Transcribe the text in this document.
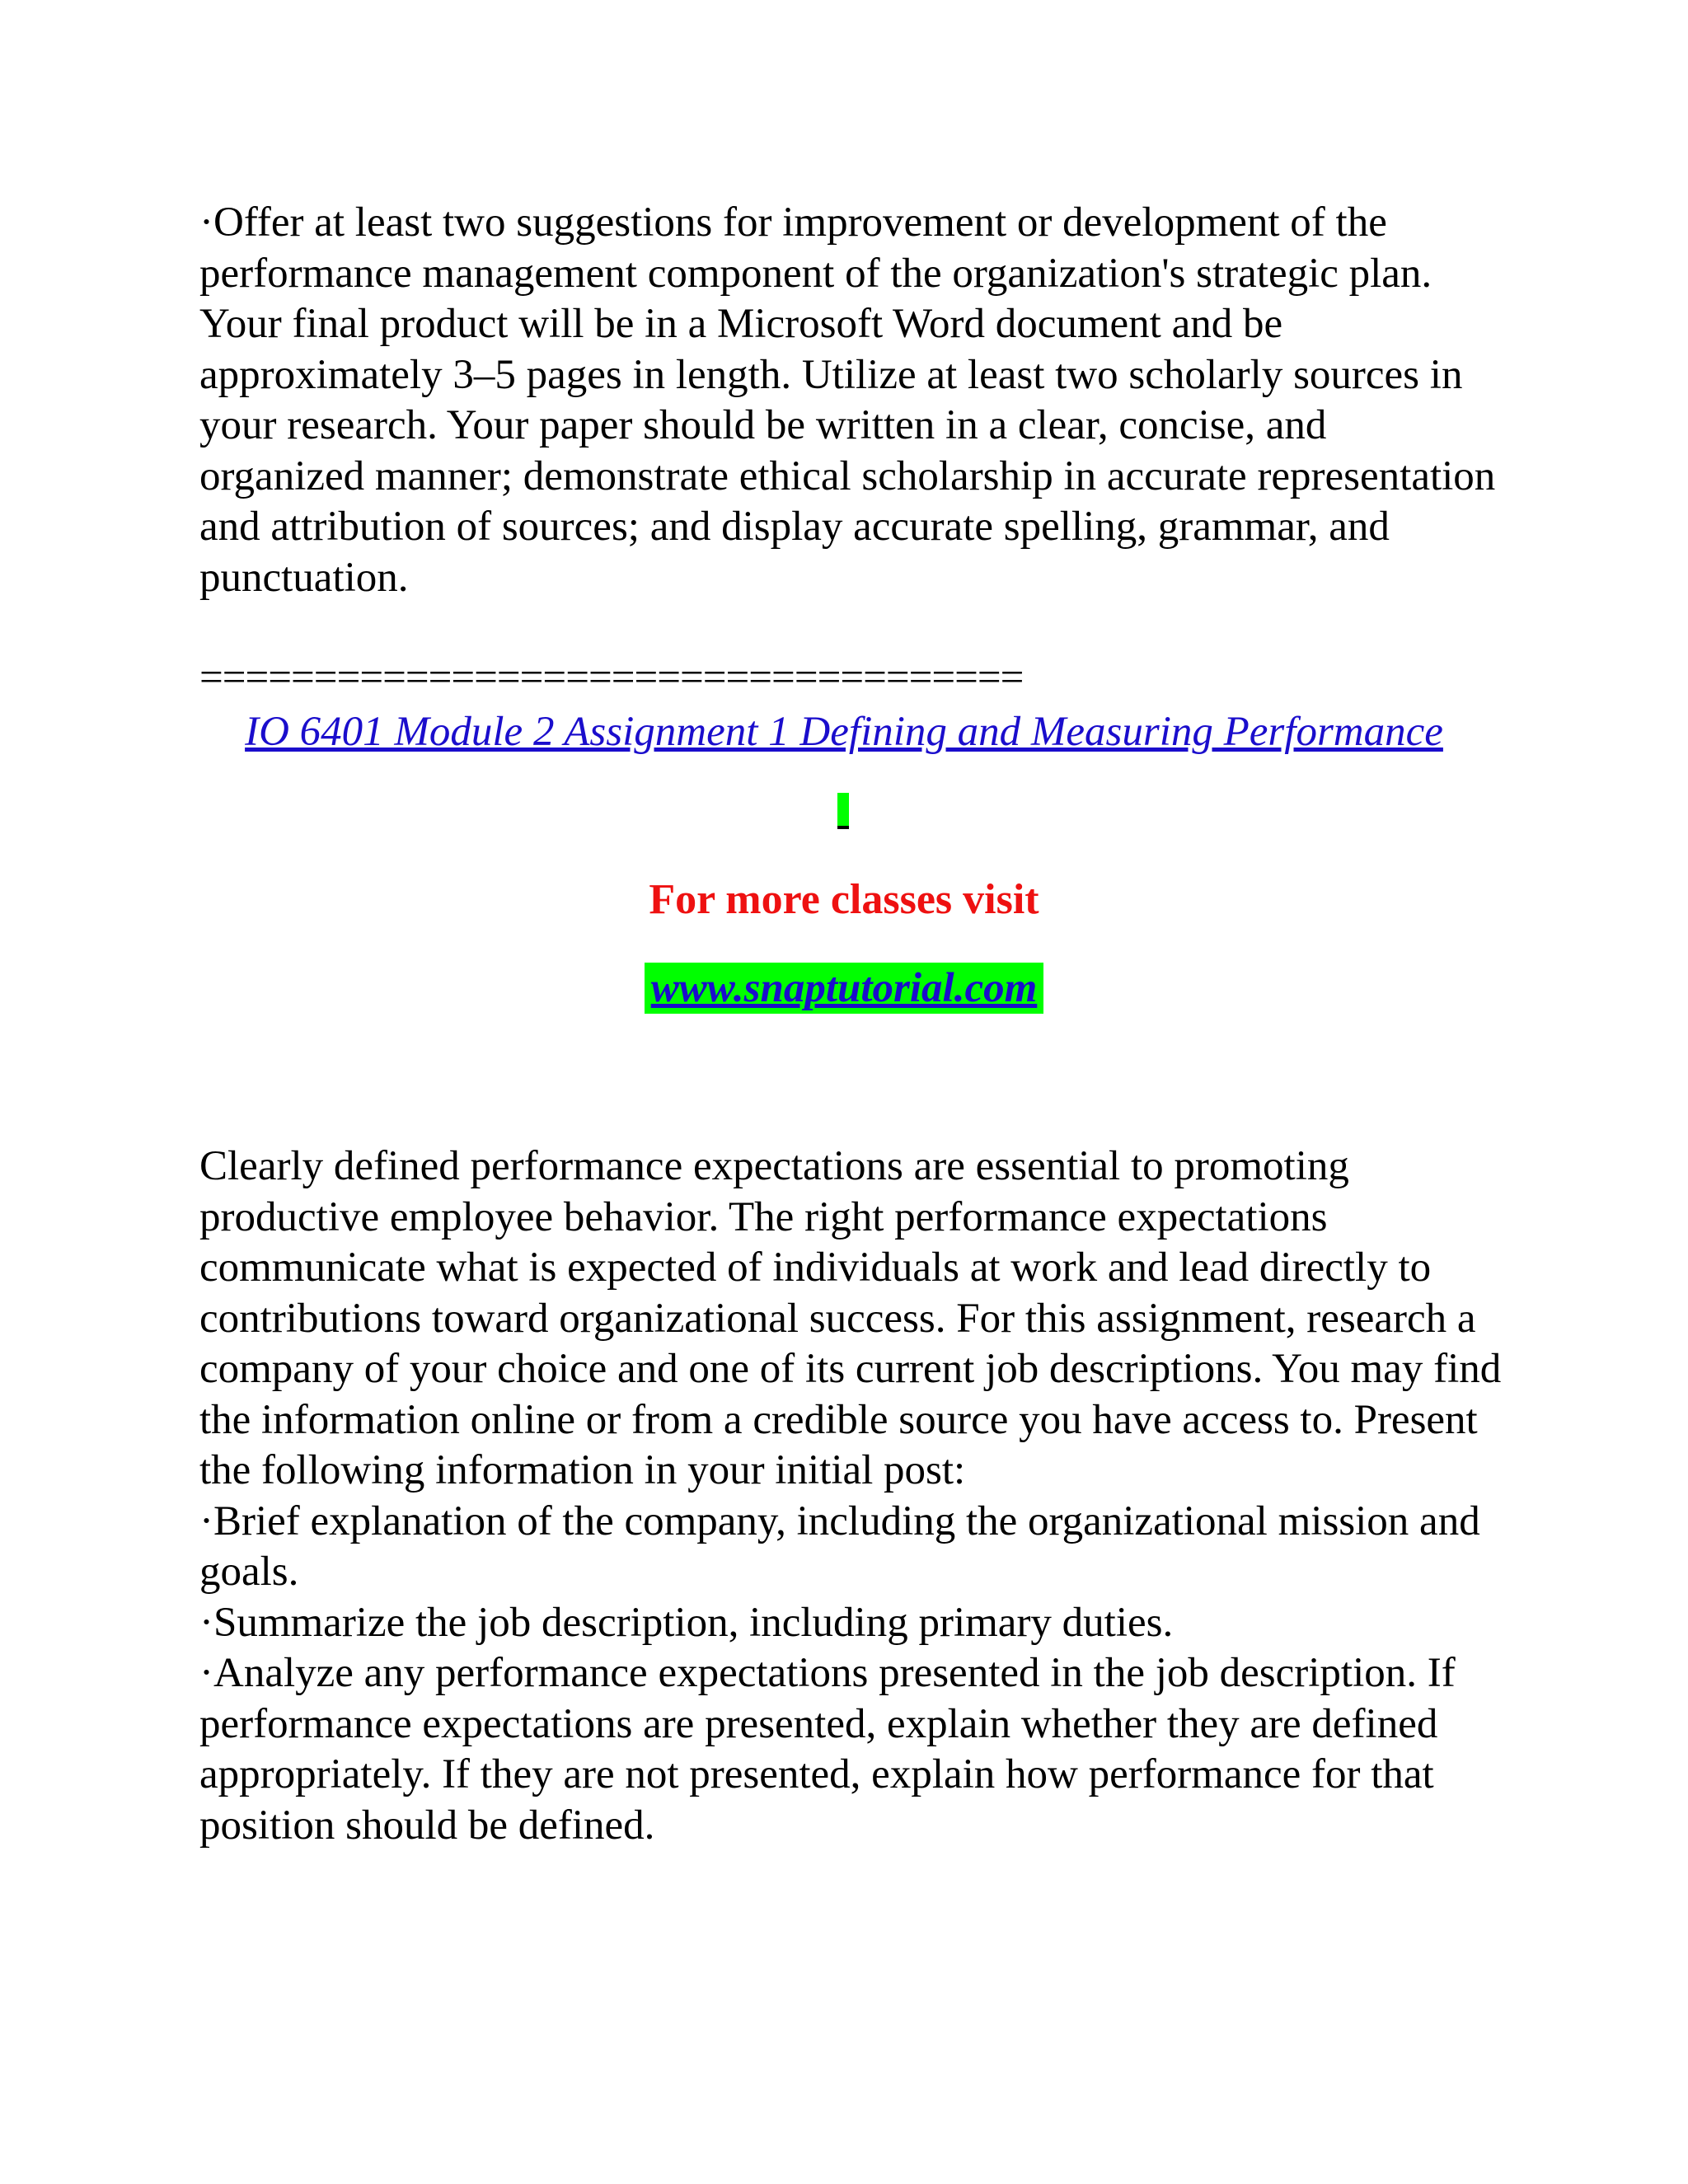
·Offer at least two suggestions for improvement or development of the performance management component of the organization's strategic plan.

Your final product will be in a Microsoft Word document and be approximately 3–5 pages in length. Utilize at least two scholarly sources in your research. Your paper should be written in a clear, concise, and organized manner; demonstrate ethical scholarship in accurate representation and attribution of sources; and display accurate spelling, grammar, and punctuation.

====================================
IO 6401 Module 2 Assignment 1 Defining and Measuring Performance
For more classes visit
www.snaptutorial.com

Clearly defined performance expectations are essential to promoting productive employee behavior. The right performance expectations communicate what is expected of individuals at work and lead directly to contributions toward organizational success. For this assignment, research a company of your choice and one of its current job descriptions. You may find the information online or from a credible source you have access to. Present the following information in your initial post:

·Brief explanation of the company, including the organizational mission and goals.

·Summarize the job description, including primary duties.

·Analyze any performance expectations presented in the job description. If performance expectations are presented, explain whether they are defined appropriately. If they are not presented, explain how performance for that position should be defined.
